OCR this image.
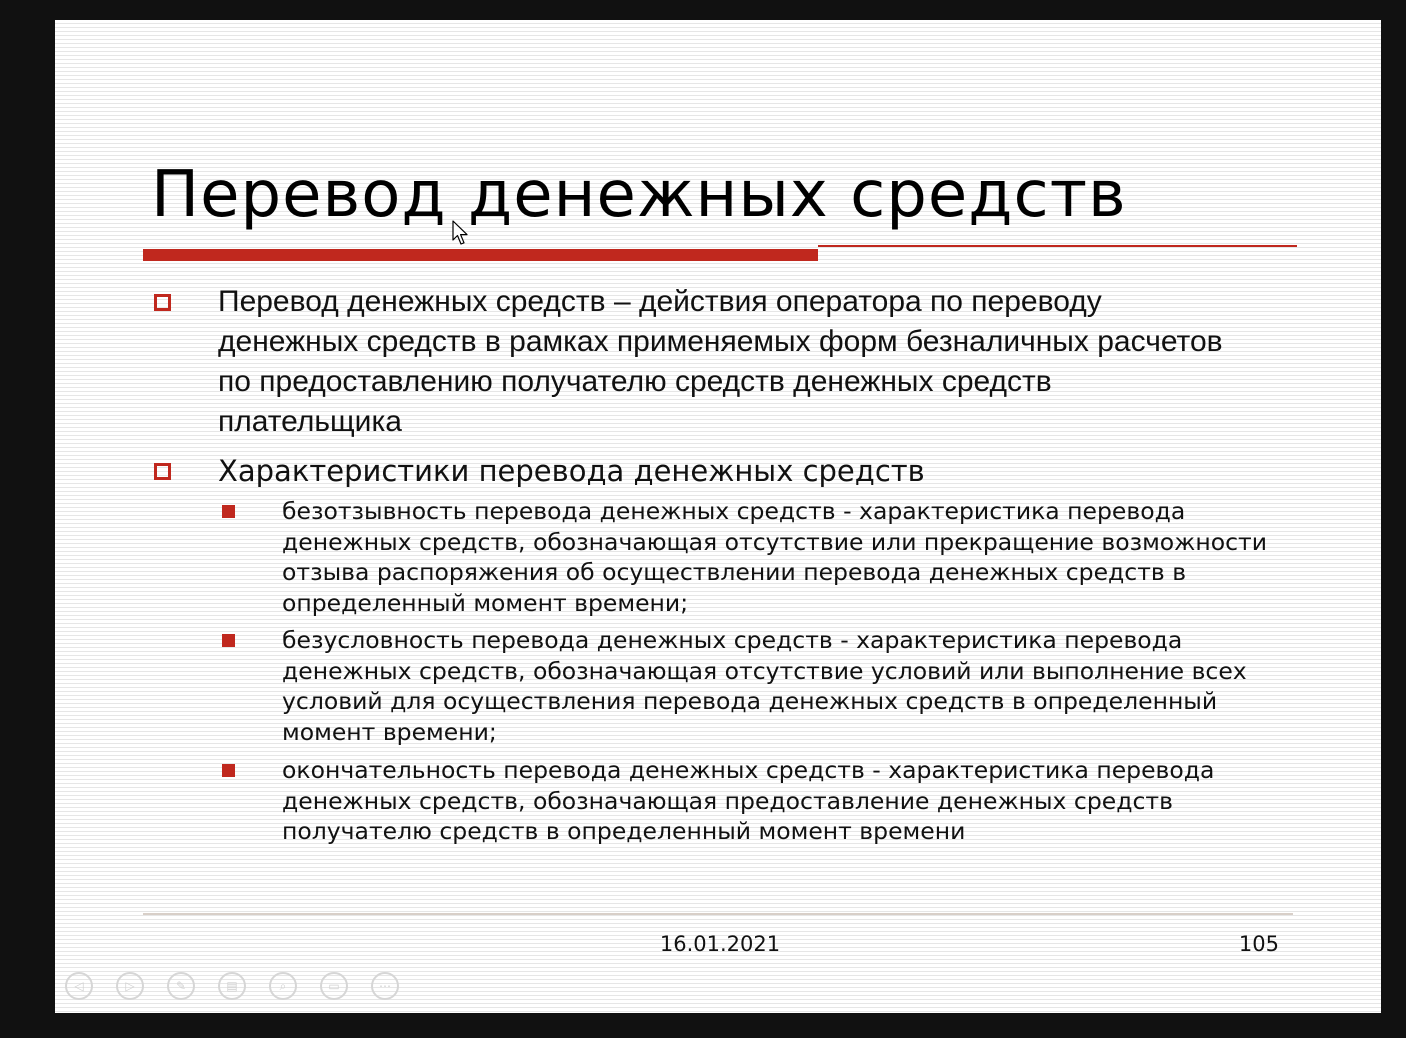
Перевод денежных средств
Перевод денежных средств – действия оператора по переводу денежных средств в рамках применяемых форм безналичных расчетов по предоставлению получателю средств денежных средств плательщика
Характеристики перевода денежных средств
безотзывность перевода денежных средств - характеристика перевода денежных средств, обозначающая отсутствие или прекращение возможности отзыва распоряжения об осуществлении перевода денежных средств в определенный момент времени;
безусловность перевода денежных средств - характеристика перевода денежных средств, обозначающая отсутствие условий или выполнение всех условий для осуществления перевода денежных средств в определенный момент времени;
окончательность перевода денежных средств - характеристика перевода денежных средств, обозначающая предоставление денежных средств получателю средств в определенный момент времени
16.01.2021	105
◁	▷	✎	▤	⌕	▭	⋯
